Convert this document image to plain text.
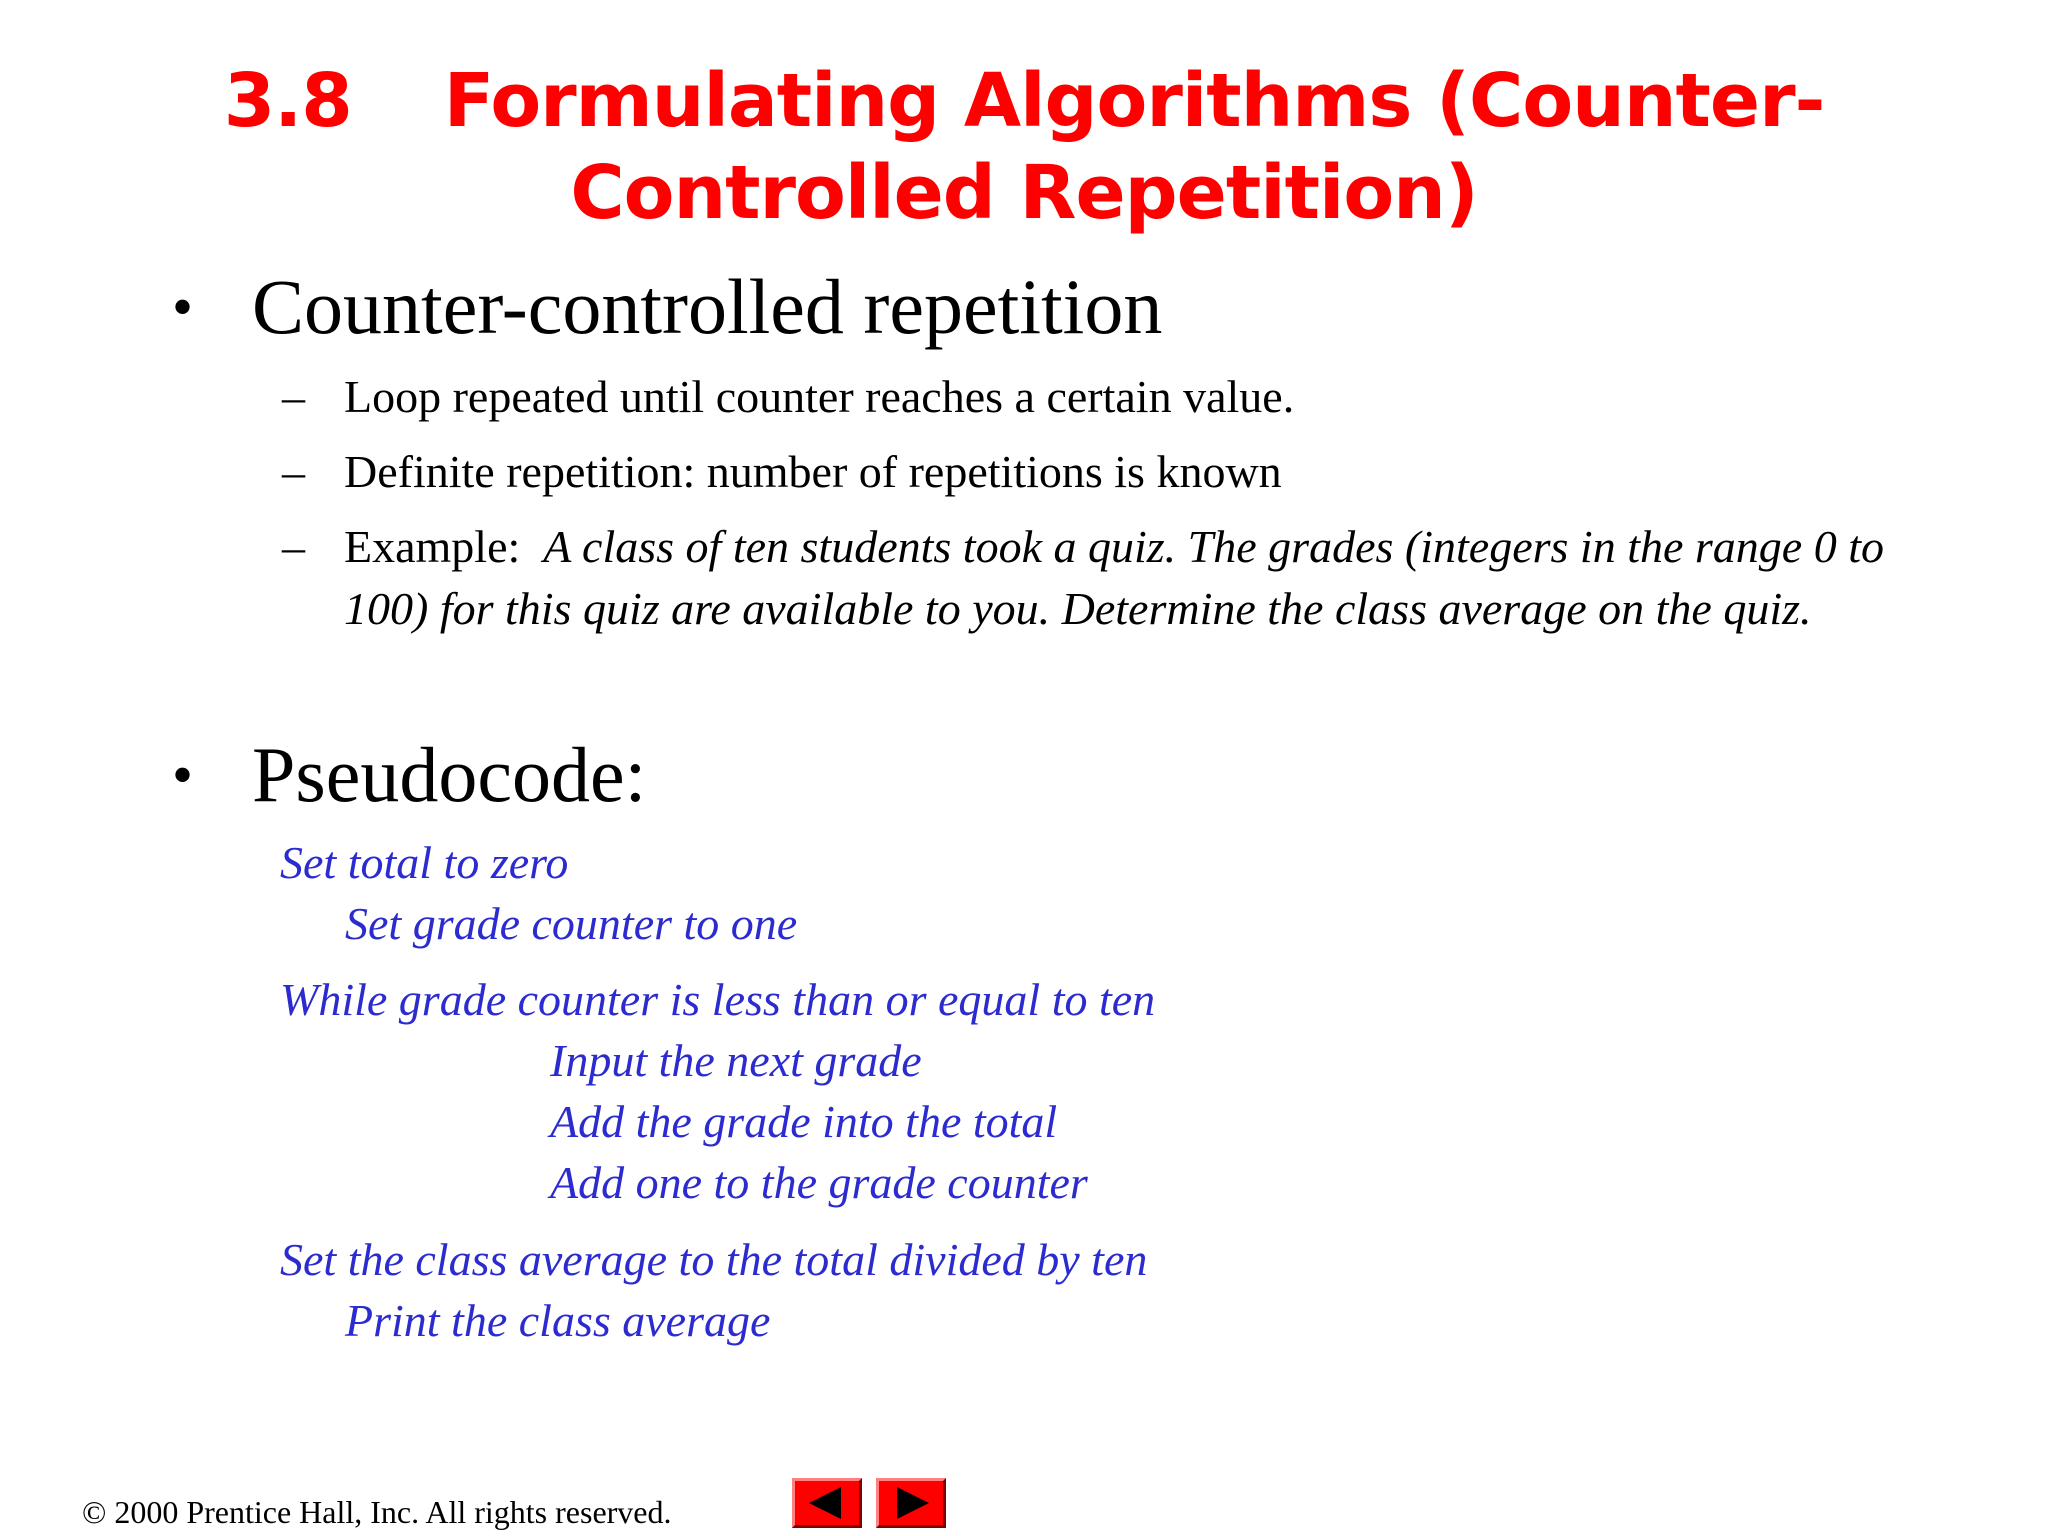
3.8 Formulating Algorithms (Counter-
Controlled Repetition)
• Counter-controlled repetition
– Loop repeated until counter reaches a certain value.
– Definite repetition: number of repetitions is known
– Example: A class of ten students took a quiz. The grades (integers in the range 0 to 100) for this quiz are available to you. Determine the class average on the quiz.
• Pseudocode:
Set total to zero
Set grade counter to one
While grade counter is less than or equal to ten
Input the next grade
Add the grade into the total
Add one to the grade counter
Set the class average to the total divided by ten
Print the class average
© 2000 Prentice Hall, Inc. All rights reserved.
